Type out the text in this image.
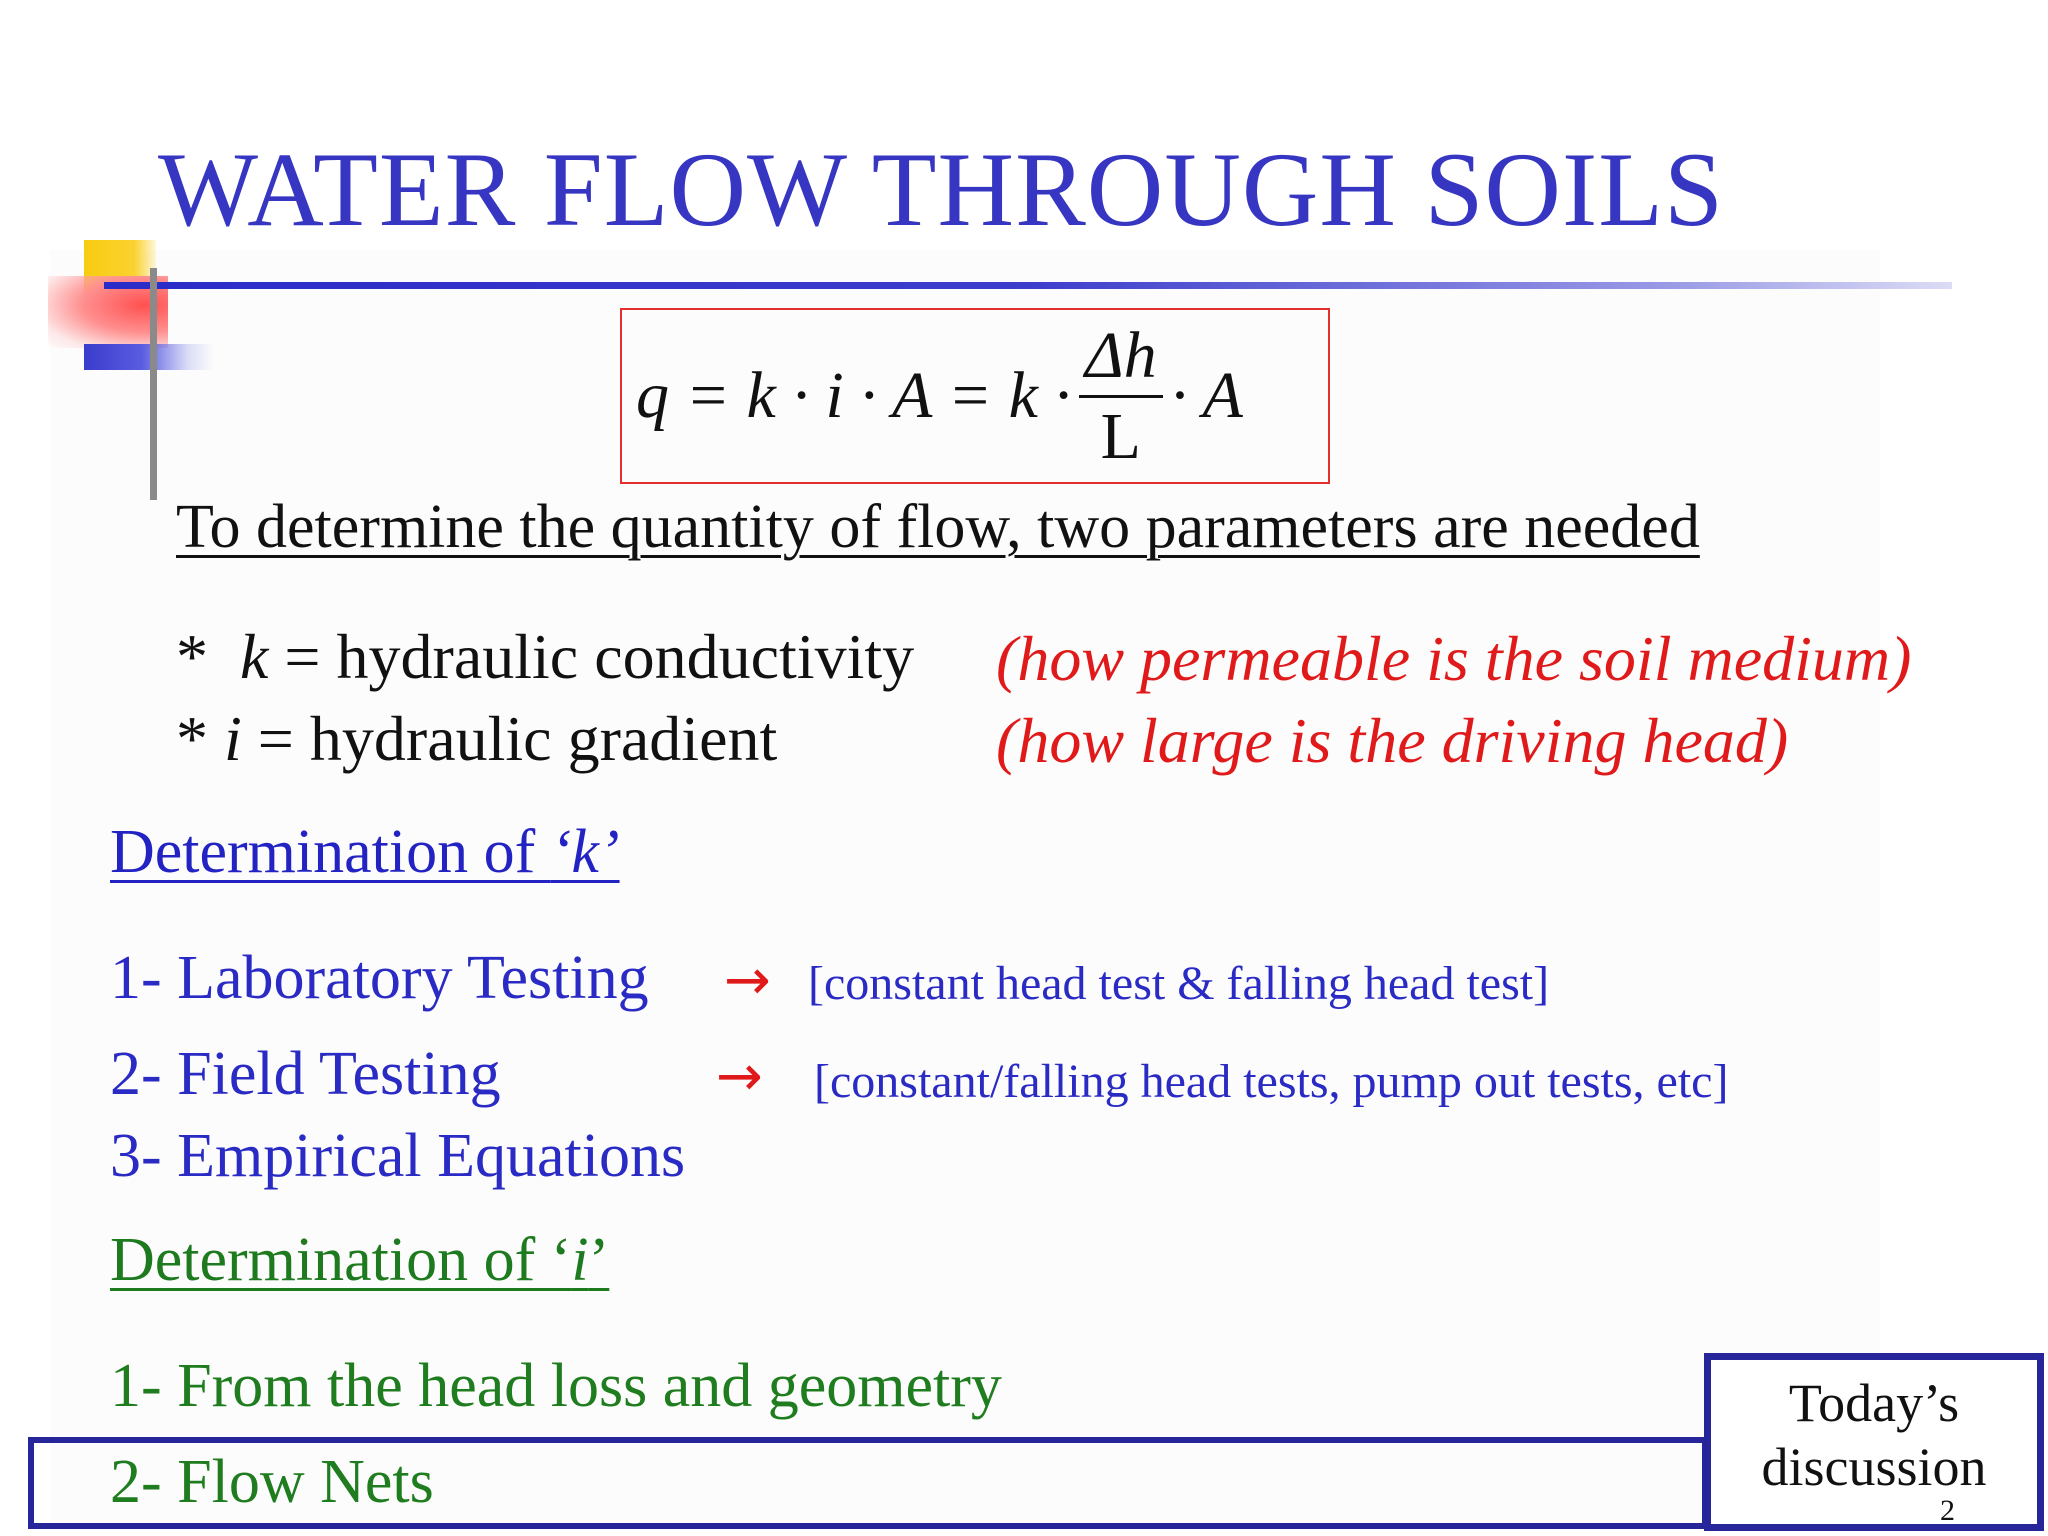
WATER FLOW THROUGH SOILS
$q = k \cdot i \cdot A = k \cdot \frac{\Delta h}{L} \cdot A$

To determine the quantity of flow, two parameters are needed

* k = hydraulic conductivity (how permeable is the soil medium)

* i = hydraulic gradient	(how large is the driving head)

Determination of ‘k’

1- Laboratory Testing → [constant head test & falling head test]

2- Field Testing	→ [constant/falling head tests, pump out tests, etc]

3- Empirical Equations

Determination of ‘i’

1- From the head loss and geometry

2- Flow Nets

Today’s discussion

2
